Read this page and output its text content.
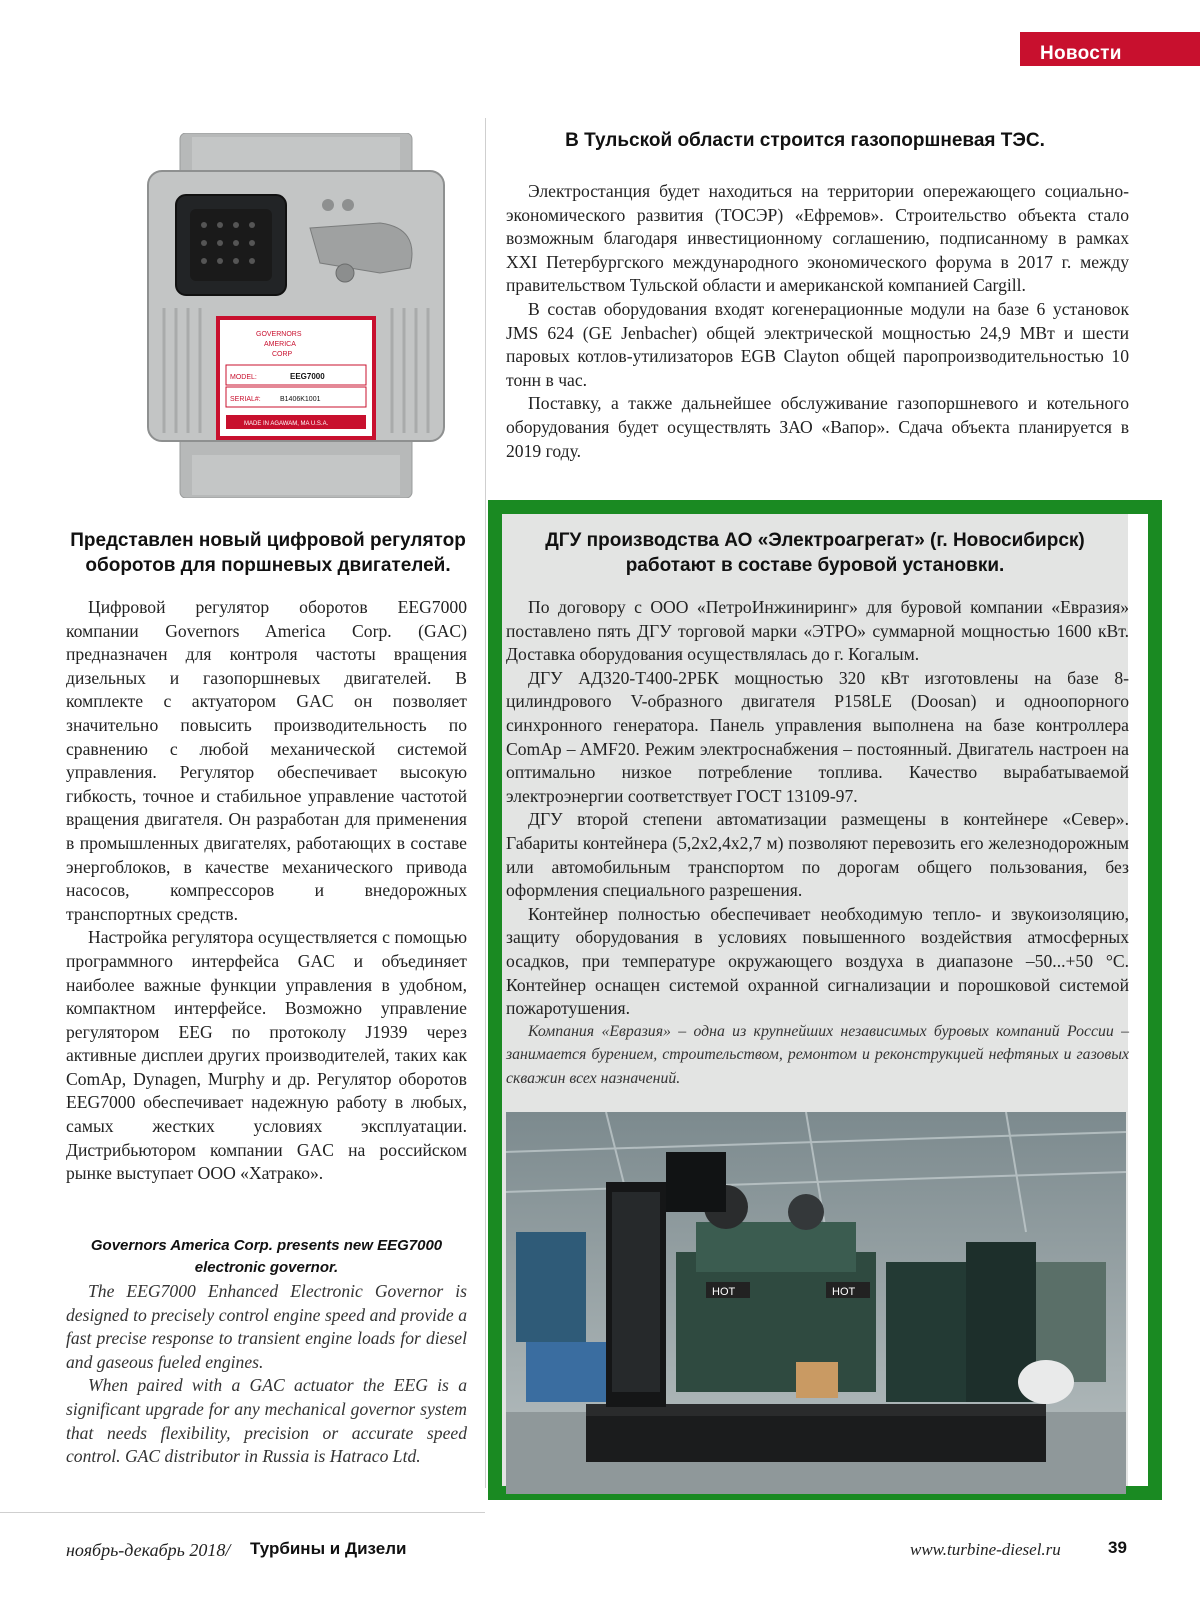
Новости
GOVERNORS
AMERICA
CORP
MODEL:	EEG7000
SERIAL#:	B1406K1001
MADE IN AGAWAM, MA U.S.A.
В Тульской области строится газопоршневая ТЭС.

Электростанция будет находиться на территории опережающего социально-экономического развития (ТОСЭР) «Ефремов». Строительство объекта стало возможным благодаря инвестиционному соглашению, подписанному в рамках XXI Петербургского международного экономического форума в 2017 г. между правительством Тульской области и американской компанией Cargill.

В состав оборудования входят когенерационные модули на базе 6 установок JMS 624 (GE Jenbacher) общей электрической мощностью 24,9 МВт и шести паровых котлов-утилизаторов EGB Clayton общей паропроизводительностью 10 тонн в час.

Поставку, а также дальнейшее обслуживание газопоршневого и котельного оборудования будет осуществлять ЗАО «Вапор». Сдача объекта планируется в 2019 году.

Представлен новый цифровой регулятор оборотов для поршневых двигателей.

Цифровой регулятор оборотов EEG7000 компании Governors America Corp. (GAC) предназначен для контроля частоты вращения дизельных и газопоршневых двигателей. В комплекте с актуатором GAC он позволяет значительно повысить производительность по сравнению с любой механической системой управления. Регулятор обеспечивает высокую гибкость, точное и стабильное управление частотой вращения двигателя. Он разработан для применения в промышленных двигателях, работающих в составе энергоблоков, в качестве механического привода насосов, компрессоров и внедорожных транспортных средств.

Настройка регулятора осуществляется с помощью программного интерфейса GAC и объединяет наиболее важные функции управления в удобном, компактном интерфейсе. Возможно управление регулятором EEG по протоколу J1939 через активные дисплеи других производителей, таких как ComAp, Dynagen, Murphy и др. Регулятор оборотов EEG7000 обеспечивает надежную работу в любых, самых жестких условиях эксплуатации. Дистрибьютором компании GAC на российском рынке выступает ООО «Хатрако».

Governors America Corp. presents new EEG7000 electronic governor.

The EEG7000 Enhanced Electronic Governor is designed to precisely control engine speed and provide a fast precise response to transient engine loads for diesel and gaseous fueled engines.

When paired with a GAC actuator the EEG is a significant upgrade for any mechanical governor system that needs flexibility, precision or accurate speed control. GAC distributor in Russia is Hatraco Ltd.

ДГУ производства АО «Электроагрегат» (г. Новосибирск) работают в составе буровой установки.

По договору с ООО «ПетроИнжиниринг» для буровой компании «Евразия» поставлено пять ДГУ торговой марки «ЭТРО» суммарной мощностью 1600 кВт. Доставка оборудования осуществлялась до г. Когалым.

ДГУ АД320-Т400-2РБК мощностью 320 кВт изготовлены на базе 8-цилиндрового V-образного двигателя P158LE (Doosan) и одноопорного синхронного генератора. Панель управления выполнена на базе контроллера ComAp – AMF20. Режим электроснабжения – постоянный. Двигатель настроен на оптимально низкое потребление топлива. Качество вырабатываемой электроэнергии соответствует ГОСТ 13109-97.

ДГУ второй степени автоматизации размещены в контейнере «Север». Габариты контейнера (5,2х2,4х2,7 м) позволяют перевозить его железнодорожным или автомобильным транспортом по дорогам общего пользования, без оформления специального разрешения.

Контейнер полностью обеспечивает необходимую тепло- и звукоизоляцию, защиту оборудования в условиях повышенного воздействия атмосферных осадков, при температуре окружающего воздуха в диапазоне –50...+50 °С. Контейнер оснащен системой охранной сигнализации и порошковой системой пожаротушения.

Компания «Евразия» – одна из крупнейших независимых буровых компаний России – занимается бурением, строительством, ремонтом и реконструкцией нефтяных и газовых скважин всех назначений.

HOT	HOT
ноябрь-декабрь 2018/ Турбины и Дизели	www.turbine-diesel.ru	39
